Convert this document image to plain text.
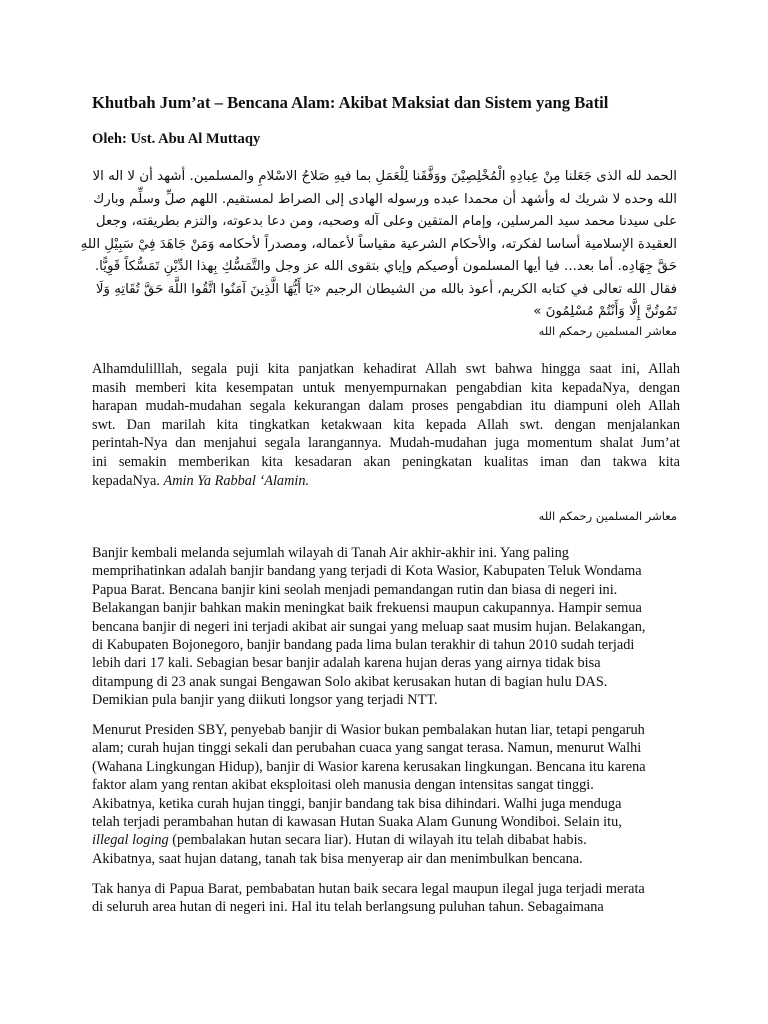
Khutbah Jum’at – Bencana Alam: Akibat Maksiat dan Sistem yang Batil

Oleh: Ust. Abu Al Muttaqy

الحمد لله الذى جَعَلنا مِنْ عِبادِهِ الْمُخْلِصِيْنَ ووَفَّقَنا لِلْعَمَلِ بما فيهِ صَلاحُ الاسْلامِ والمسلمين. أشهد أن لا اله الا
الله وحده لا شريك له وأشهد أن محمدا عبده ورسوله الهادى إلى الصراط لمستقيم. اللهم صلِّ وسلِّم وبارك
على سيدنا محمد سيد المرسلين، وإمام المتقين وعلى آله وصحبه، ومن دعا بدعوته، والتزم بطريقته، وجعل
العقيدة الإسلامية أساسا لفكرته، والأحكام الشرعية مقياساً لأعماله، ومصدراً لأحكامه وَمَنْ جَاهَدَ فِيْ سَبِيْلِ اللهِ
حَقَّ جِهَادِه. أما بعد... فيا أيها المسلمون أوصيكم وإياي بتقوى الله عز وجل والتَّمَسُّكِ بِهذا الدِّيْنِ تَمَسُّكاً قَوِيًّا.
فقال الله تعالى في كتابه الكريم، أعوذ بالله من الشيطان الرجيم «يَا أَيُّهَا الَّذِينَ آمَنُوا اتَّقُوا اللَّهَ حَقَّ تُقَاتِهِ وَلَا
تَمُوتُنَّ إِلَّا وَأَنْتُمْ مُسْلِمُونَ »

معاشر المسلمين رحمكم الله

Alhamdulilllah, segala puji kita panjatkan kehadirat Allah swt bahwa hingga saat ini, Allah
masih memberi kita kesempatan untuk menyempurnakan pengabdian kita kepadaNya, dengan
harapan mudah-mudahan segala kekurangan dalam proses pengabdian itu diampuni oleh Allah
swt. Dan marilah kita tingkatkan ketakwaan kita kepada Allah swt. dengan menjalankan
perintah-Nya dan menjahui segala larangannya. Mudah-mudahan juga momentum shalat Jum’at
ini semakin memberikan kita kesadaran akan peningkatan kualitas iman dan takwa kita
kepadaNya. Amin Ya Rabbal ‘Alamin.

معاشر المسلمين رحمكم الله

Banjir kembali melanda sejumlah wilayah di Tanah Air akhir-akhir ini. Yang paling
memprihatinkan adalah banjir bandang yang terjadi di Kota Wasior, Kabupaten Teluk Wondama
Papua Barat. Bencana banjir kini seolah menjadi pemandangan rutin dan biasa di negeri ini.
Belakangan banjir bahkan makin meningkat baik frekuensi maupun cakupannya. Hampir semua
bencana banjir di negeri ini terjadi akibat air sungai yang meluap saat musim hujan. Belakangan,
di Kabupaten Bojonegoro, banjir bandang pada lima bulan terakhir di tahun 2010 sudah terjadi
lebih dari 17 kali. Sebagian besar banjir adalah karena hujan deras yang airnya tidak bisa
ditampung di 23 anak sungai Bengawan Solo akibat kerusakan hutan di bagian hulu DAS.
Demikian pula banjir yang diikuti longsor yang terjadi NTT.
Menurut Presiden SBY, penyebab banjir di Wasior bukan pembalakan hutan liar, tetapi pengaruh
alam; curah hujan tinggi sekali dan perubahan cuaca yang sangat terasa. Namun, menurut Walhi
(Wahana Lingkungan Hidup), banjir di Wasior karena kerusakan lingkungan. Bencana itu karena
faktor alam yang rentan akibat eksploitasi oleh manusia dengan intensitas sangat tinggi.
Akibatnya, ketika curah hujan tinggi, banjir bandang tak bisa dihindari. Walhi juga menduga
telah terjadi perambahan hutan di kawasan Hutan Suaka Alam Gunung Wondiboi. Selain itu,
illegal loging (pembalakan hutan secara liar). Hutan di wilayah itu telah dibabat habis.
Akibatnya, saat hujan datang, tanah tak bisa menyerap air dan menimbulkan bencana.
Tak hanya di Papua Barat, pembabatan hutan baik secara legal maupun ilegal juga terjadi merata
di seluruh area hutan di negeri ini. Hal itu telah berlangsung puluhan tahun. Sebagaimana
